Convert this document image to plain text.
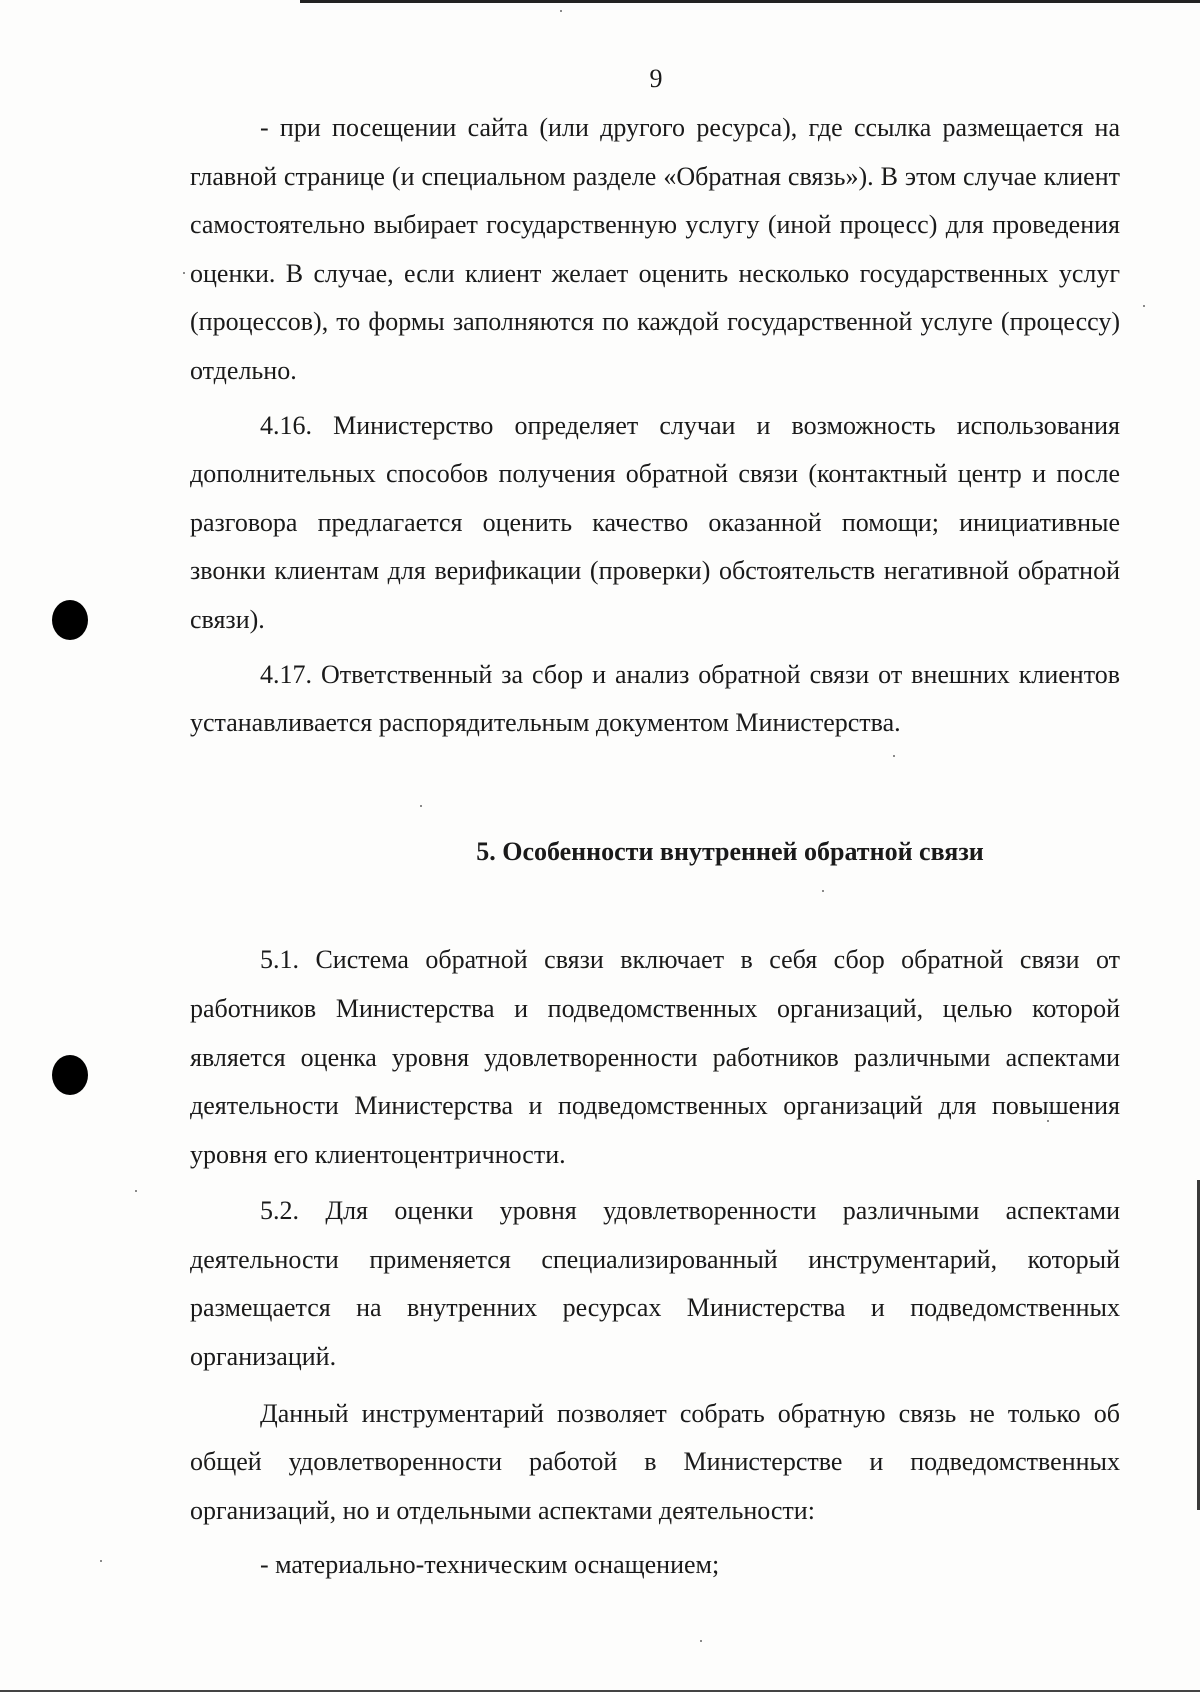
9

- при посещении сайта (или другого ресурса), где ссылка размещается на главной странице (и специальном разделе «Обратная связь»). В этом случае клиент самостоятельно выбирает государственную услугу (иной процесс) для проведения оценки. В случае, если клиент желает оценить несколько государственных услуг (процессов), то формы заполняются по каждой государственной услуге (процессу) отдельно.

4.16. Министерство определяет случаи и возможность использования дополнительных способов получения обратной связи (контактный центр и после разговора предлагается оценить качество оказанной помощи; инициативные звонки клиентам для верификации (проверки) обстоятельств негативной обратной связи).

4.17. Ответственный за сбор и анализ обратной связи от внешних клиентов устанавливается распорядительным документом Министерства.

5. Особенности внутренней обратной связи

5.1. Система обратной связи включает в себя сбор обратной связи от работников Министерства и подведомственных организаций, целью которой является оценка уровня удовлетворенности работников различными аспектами деятельности Министерства и подведомственных организаций для повышения уровня его клиентоцентричности.

5.2. Для оценки уровня удовлетворенности различными аспектами деятельности применяется специализированный инструментарий, который размещается на внутренних ресурсах Министерства и подведомственных организаций.

Данный инструментарий позволяет собрать обратную связь не только об общей удовлетворенности работой в Министерстве и подведомственных организаций, но и отдельными аспектами деятельности:

- материально-техническим оснащением;
